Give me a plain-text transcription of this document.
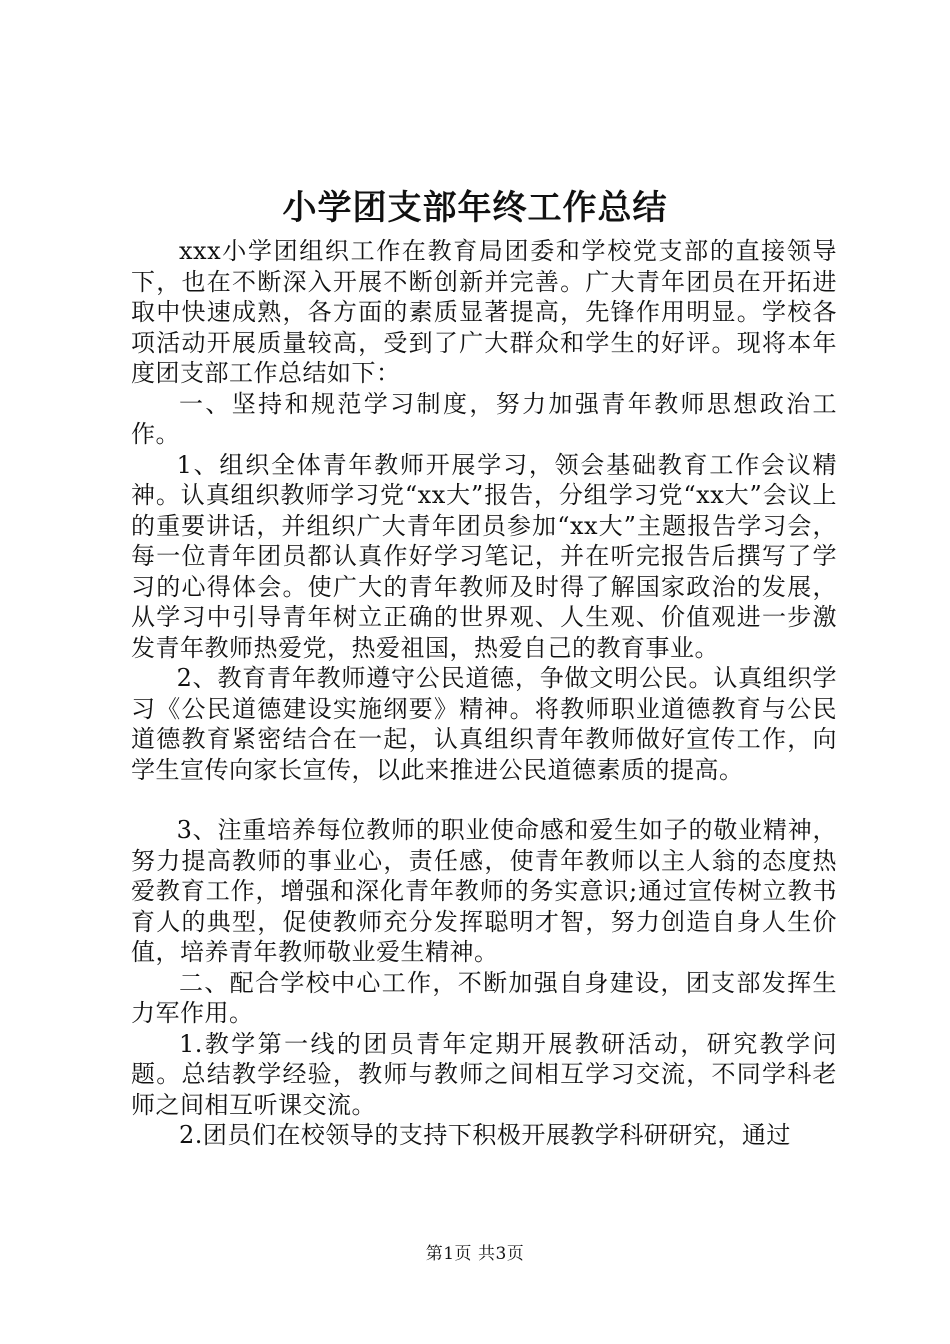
小学团支部年终工作总结

xxx小学团组织工作在教育局团委和学校党支部的直接领导下，也在不断深入开展不断创新并完善。广大青年团员在开拓进取中快速成熟，各方面的素质显著提高，先锋作用明显。学校各项活动开展质量较高，受到了广大群众和学生的好评。现将本年度团支部工作总结如下：

一、坚持和规范学习制度，努力加强青年教师思想政治工作。

1、组织全体青年教师开展学习，领会基础教育工作会议精神。认真组织教师学习党“xx大”报告，分组学习党“xx大”会议上的重要讲话，并组织广大青年团员参加“xx大”主题报告学习会，每一位青年团员都认真作好学习笔记，并在听完报告后撰写了学习的心得体会。使广大的青年教师及时得了解国家政治的发展，从学习中引导青年树立正确的世界观、人生观、价值观进一步激发青年教师热爱党，热爱祖国，热爱自己的教育事业。

2、教育青年教师遵守公民道德，争做文明公民。认真组织学习《公民道德建设实施纲要》精神。将教师职业道德教育与公民道德教育紧密结合在一起，认真组织青年教师做好宣传工作，向学生宣传向家长宣传，以此来推进公民道德素质的提高。

3、注重培养每位教师的职业使命感和爱生如子的敬业精神，努力提高教师的事业心，责任感，使青年教师以主人翁的态度热爱教育工作，增强和深化青年教师的务实意识;通过宣传树立教书育人的典型，促使教师充分发挥聪明才智，努力创造自身人生价值，培养青年教师敬业爱生精神。

二、配合学校中心工作，不断加强自身建设，团支部发挥生力军作用。

1.教学第一线的团员青年定期开展教研活动，研究教学问题。总结教学经验，教师与教师之间相互学习交流，不同学科老师之间相互听课交流。

2.团员们在校领导的支持下积极开展教学科研研究，通过

第1页 共3页
